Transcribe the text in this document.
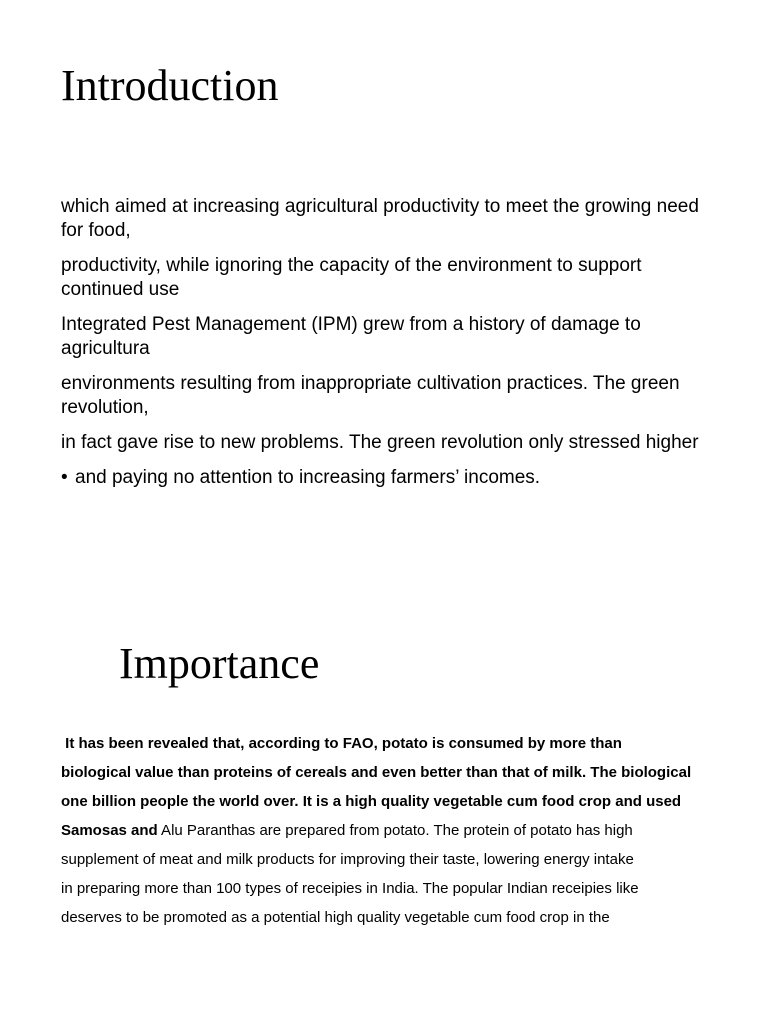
Introduction

which aimed at increasing agricultural productivity to meet the growing need for food,

productivity, while ignoring the capacity of the environment to support continued use

Integrated Pest Management (IPM) grew from a history of damage to agricultura

environments resulting from inappropriate cultivation practices. The green revolution,

in fact gave rise to new problems. The green revolution only stressed higher

• and paying no attention to increasing farmers’ incomes.

Importance

It has been revealed that, according to FAO, potato is consumed by more than

biological value than proteins of cereals and even better than that of milk. The biological

one billion people the world over. It is a high quality vegetable cum food crop and used

Samosas and Alu Paranthas are prepared from potato. The protein of potato has high

supplement of meat and milk products for improving their taste, lowering energy intake

in preparing more than 100 types of receipies in India. The popular Indian receipies like

deserves to be promoted as a potential high quality vegetable cum food crop in the
